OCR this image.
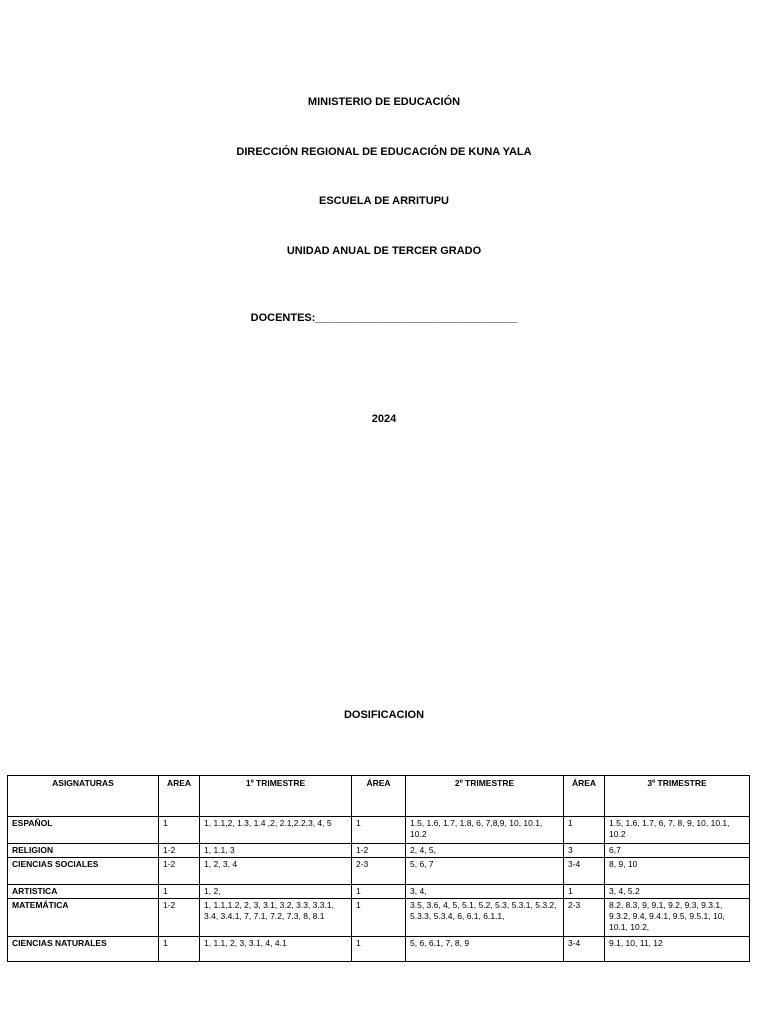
MINISTERIO DE EDUCACIÓN
DIRECCIÓN REGIONAL DE EDUCACIÓN DE KUNA YALA
ESCUELA DE ARRITUPU
UNIDAD ANUAL DE TERCER GRADO
DOCENTES:_________________________________
2024
DOSIFICACION
ASIGNATURAS	AREA	1º TRIMESTRE	ÁREA	2º TRIMESTRE	ÁREA	3º TRIMESTRE
ESPAÑOL	1	1, 1.1,2, 1.3, 1.4 ,2, 2.1,2.2,3, 4, 5	1	1.5, 1.6, 1.7, 1.8, 6, 7,8,9, 10, 10.1, 10.2	1	1.5, 1.6, 1.7, 6, 7, 8, 9, 10, 10.1, 10.2
RELIGION	1-2	1, 1.1, 3	1-2	2, 4, 5,	3	6,7
CIENCIAS SOCIALES	1-2	1, 2, 3, 4	2-3	5, 6, 7	3-4	8, 9, 10
ARTISTICA	1	1, 2,	1	3, 4,	1	3, 4, 5.2
MATEMÁTICA	1-2	1, 1.1,1.2, 2, 3, 3.1, 3.2, 3.3, 3.3.1, 3.4, 3.4.1, 7, 7.1, 7.2, 7.3, 8, 8.1	1	3.5, 3.6, 4, 5, 5.1, 5.2, 5.3, 5.3.1, 5.3.2, 5.3.3, 5.3.4, 6, 6.1, 6.1.1,	2-3	8.2, 8.3, 9, 9.1, 9.2, 9.3, 9.3.1, 9.3.2, 9.4, 9.4.1, 9.5, 9.5.1, 10, 10.1, 10.2,
CIENCIAS NATURALES	1	1, 1.1, 2, 3, 3.1, 4, 4.1	1	5, 6, 6.1, 7, 8, 9	3-4	9.1, 10, 11, 12
